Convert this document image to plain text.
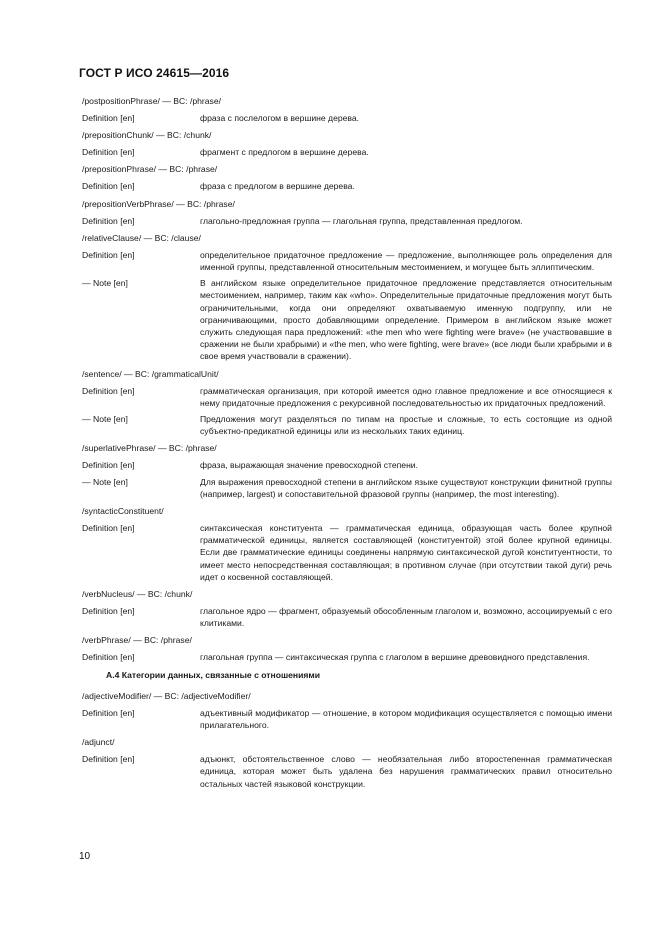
ГОСТ Р ИСО 24615—2016
/postpositionPhrase/ — BC: /phrase/
Definition [en]	фраза с послелогом в вершине дерева.
/prepositionChunk/ — BC: /chunk/
Definition [en]	фрагмент с предлогом в вершине дерева.
/prepositionPhrase/ — BC: /phrase/
Definition [en]	фраза с предлогом в вершине дерева.
/prepositionVerbPhrase/ — BC: /phrase/
Definition [en]	глагольно-предложная группа — глагольная группа, представленная предлогом.
/relativeClause/ — BC: /clause/
Definition [en]	определительное придаточное предложение — предложение, выполняющее роль определения для именной группы, представленной относительным местоимением, и могущее быть эллиптическим.
— Note [en]	В английском языке определительное придаточное предложение представляется относительным местоимением, например, таким как «who». Определительные придаточные предложения могут быть ограничительными, когда они определяют охватываемую именную подгруппу, или не ограничивающими, просто добавляющими определение. Примером в английском языке может служить следующая пара предложений: «the men who were fighting were brave» (не участвовавшие в сражении не были храбрыми) и «the men, who were fighting, were brave» (все люди были храбрыми и в свое время участвовали в сражении).
/sentence/ — BC: /grammaticalUnit/
Definition [en]	грамматическая организация, при которой имеется одно главное предложение и все относящиеся к нему придаточные предложения с рекурсивной последовательностью их придаточных предложений.
— Note [en]	Предложения могут разделяться по типам на простые и сложные, то есть состоящие из одной субъектно-предикатной единицы или из нескольких таких единиц.
/superlativePhrase/ — BC: /phrase/
Definition [en]	фраза, выражающая значение превосходной степени.
— Note [en]	Для выражения превосходной степени в английском языке существуют конструкции финитной группы (например, largest) и сопоставительной фразовой группы (например, the most interesting).
/syntacticConstituent/
Definition [en]	синтаксическая конституента — грамматическая единица, образующая часть более крупной грамматической единицы, является составляющей (конституентой) этой более крупной единицы. Если две грамматические единицы соединены напрямую синтаксической дугой конституентности, то имеет место непосредственная составляющая; в противном случае (при отсутствии такой дуги) речь идет о косвенной составляющей.
/verbNucleus/ — BC: /chunk/
Definition [en]	глагольное ядро — фрагмент, образуемый обособленным глаголом и, возможно, ассоциируемый с его клитиками.
/verbPhrase/ — BC: /phrase/
Definition [en]	глагольная группа — синтаксическая группа с глаголом в вершине древовидного представления.
А.4 Категории данных, связанные с отношениями
/adjectiveModifier/ — BC: /adjectiveModifier/
Definition [en]	адъективный модификатор — отношение, в котором модификация осуществляется с помощью имени прилагательного.
/adjunct/
Definition [en]	адъюнкт, обстоятельственное слово — необязательная либо второстепенная грамматическая единица, которая может быть удалена без нарушения грамматических правил относительно остальных частей языковой конструкции.
10
